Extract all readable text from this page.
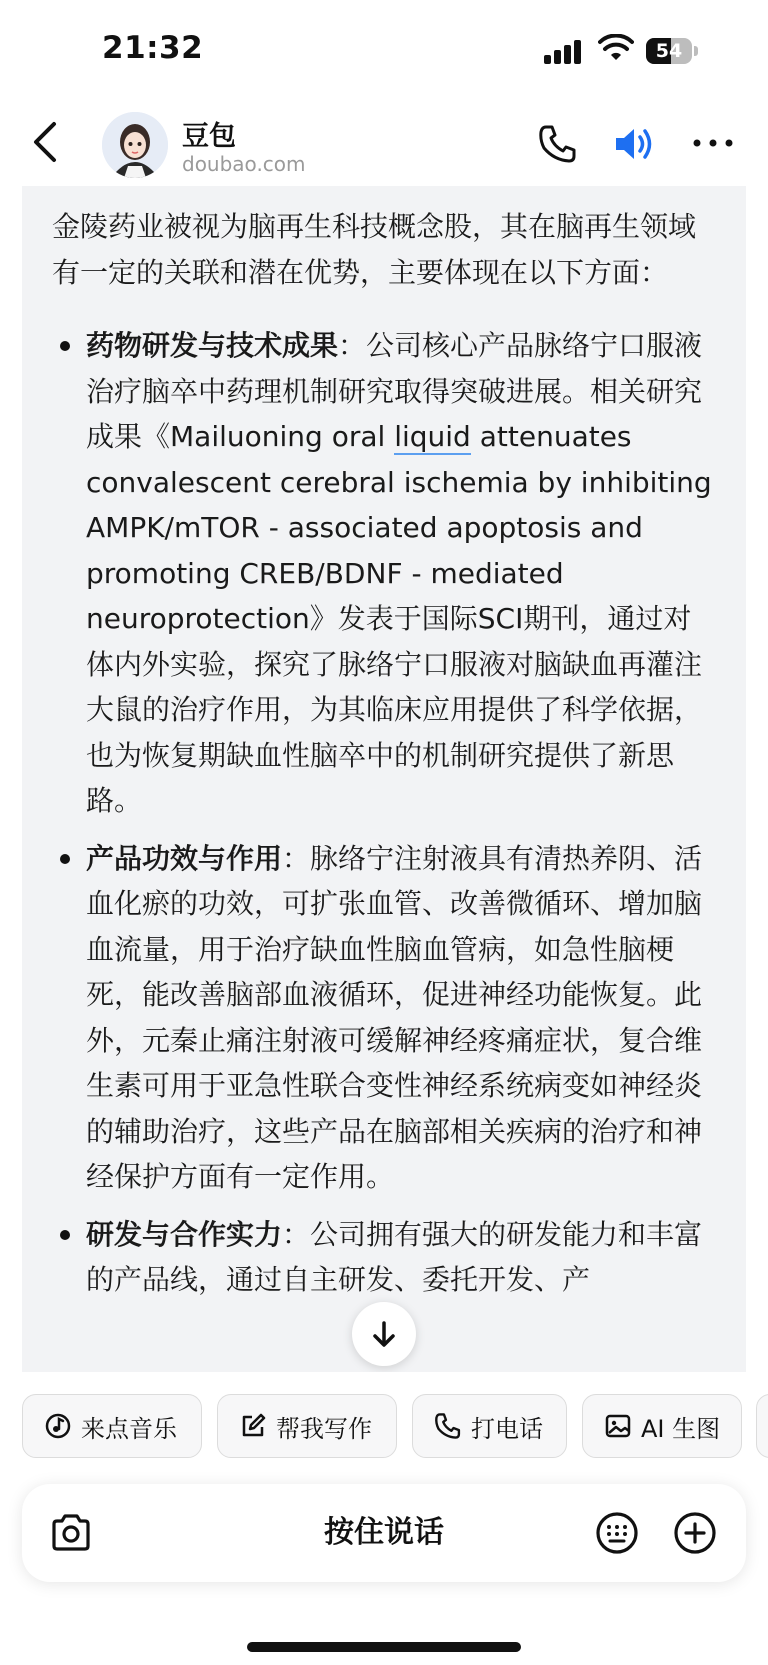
21:32	54
豆包
doubao.com

金陵药业被视为脑再生科技概念股，其在脑再生领域有一定的关联和潜在优势，主要体现在以下方面：

药物研发与技术成果：公司核心产品脉络宁口服液治疗脑卒中药理机制研究取得突破进展。相关研究成果《Mailuoning oral liquid attenuates convalescent cerebral ischemia by inhibiting AMPK/mTOR - associated apoptosis and promoting CREB/BDNF - mediated neuroprotection》发表于国际SCI期刊，通过对体内外实验，探究了脉络宁口服液对脑缺血再灌注大鼠的治疗作用，为其临床应用提供了科学依据，也为恢复期缺血性脑卒中的机制研究提供了新思路。
产品功效与作用：脉络宁注射液具有清热养阴、活血化瘀的功效，可扩张血管、改善微循环、增加脑血流量，用于治疗缺血性脑血管病，如急性脑梗死，能改善脑部血液循环，促进神经功能恢复。此外，元秦止痛注射液可缓解神经疼痛症状，复合维生素可用于亚急性联合变性神经系统病变如神经炎的辅助治疗，这些产品在脑部相关疾病的治疗和神经保护方面有一定作用。
研发与合作实力：公司拥有强大的研发能力和丰富的产品线，通过自主研发、委托开发、产
来点音乐	帮我写作	打电话	AI 生图
按住说话
